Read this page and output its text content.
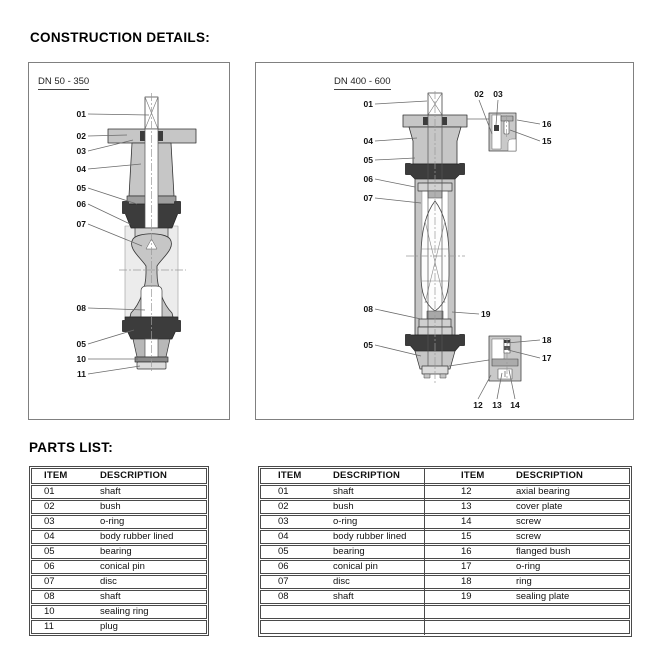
CONSTRUCTION DETAILS:
01
02
03
04
05
06
07
08
05
10
11
DN 50 - 350
01
04
05
06
07
08
05
02 03
16
15
19
18
17
12 13 14
DN 400 - 600
PARTS LIST:
ITEM	DESCRIPTION
01	shaft
02	bush
03	o-ring
04	body rubber lined
05	bearing
06	conical pin
07	disc
08	shaft
10	sealing ring
11	plug
ITEM	DESCRIPTION	ITEM	DESCRIPTION
01	shaft	12	axial bearing
02	bush	13	cover plate
03	o-ring	14	screw
04	body rubber lined	15	screw
05	bearing	16	flanged bush
06	conical pin	17	o-ring
07	disc	18	ring
08	shaft	19	sealing plate
